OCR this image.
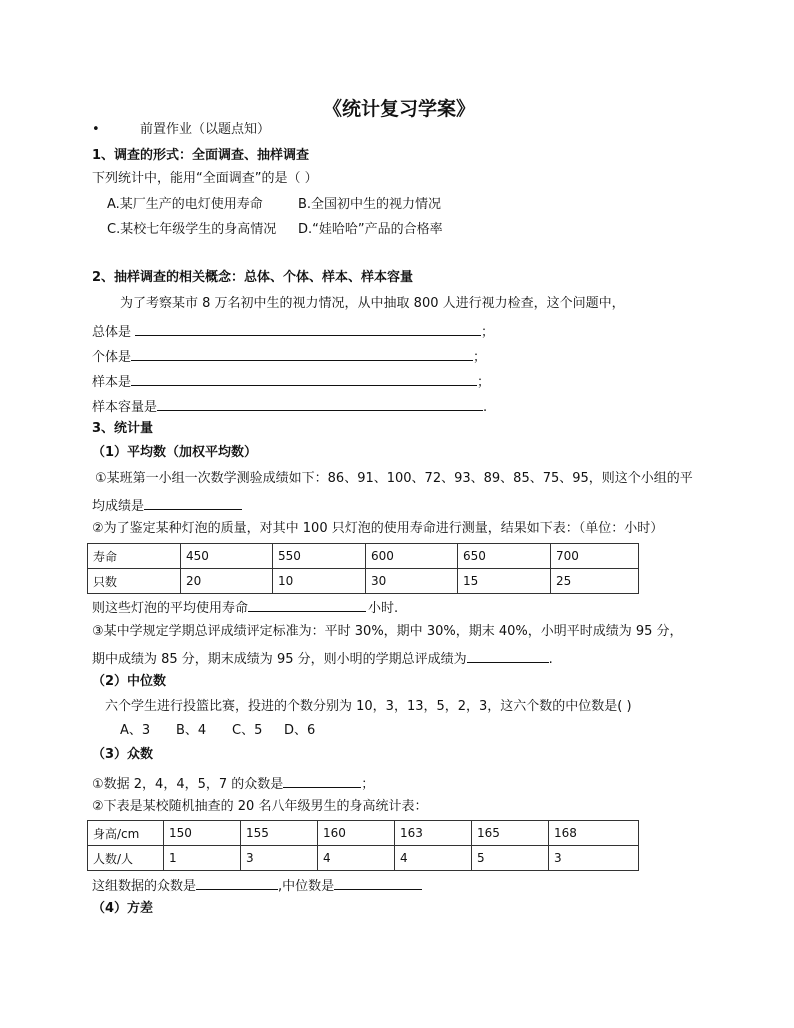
《统计复习学案》
•	前置作业（以题点知）
1、调查的形式：全面调查、抽样调查
下列统计中，能用“全面调查”的是（ ）
A.某厂生产的电灯使用寿命	B.全国初中生的视力情况
C.某校七年级学生的身高情况 D.“娃哈哈”产品的合格率
2、抽样调查的相关概念：总体、个体、样本、样本容量
为了考察某市 8 万名初中生的视力情况，从中抽取 800 人进行视力检查，这个问题中，
总体是	；
个体是	；
样本是	；
样本容量是	.
3、统计量
（1）平均数（加权平均数）
①某班第一小组一次数学测验成绩如下：86、91、100、72、93、89、85、75、95，则这个小组的平
均成绩是
②为了鉴定某种灯泡的质量，对其中 100 只灯泡的使用寿命进行测量，结果如下表：（单位：小时）
寿命	450	550	600	650	700
只数	20	10	30	15	25
则这些灯泡的平均使用寿命	小时.
③某中学规定学期总评成绩评定标准为：平时 30%，期中 30%，期末 40%，小明平时成绩为 95 分，
期中成绩为 85 分，期末成绩为 95 分，则小明的学期总评成绩为	.
（2）中位数
六个学生进行投篮比赛，投进的个数分别为 10，3，13，5，2，3，这六个数的中位数是( )
A、3 B、4 C、5 D、6
（3）众数
①数据 2，4，4，5，7 的众数是	；
②下表是某校随机抽查的 20 名八年级男生的身高统计表：
身高/cm	150	155	160	163	165	168
人数/人	1	3	4	4	5	3
这组数据的众数是	,中位数是
（4）方差
